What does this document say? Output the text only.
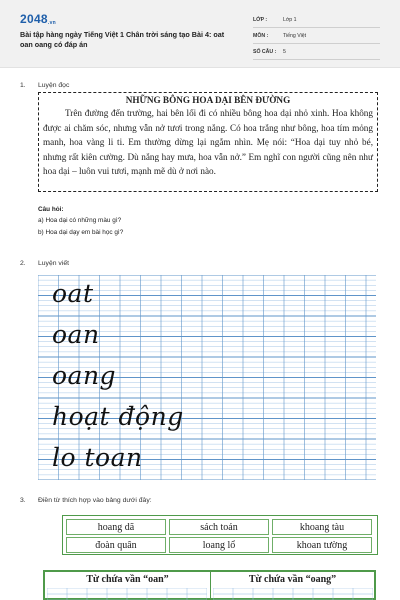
2048.vn
Bài tập hàng ngày Tiếng Việt 1 Chân trời sáng tạo Bài 4: oat oan oang có đáp án
LỚP :	Lớp 1
MÔN :	Tiếng Việt
SỐ CÂU : 5
1. Luyện đọc
NHỮNG BÔNG HOA DẠI BÊN ĐƯỜNG
Trên đường đến trường, hai bên lối đi có nhiều bông hoa dại nhỏ xinh. Hoa không được ai chăm sóc, nhưng vẫn nở tươi trong nắng. Có hoa trắng như bông, hoa tím mỏng manh, hoa vàng li ti. Em thường dừng lại ngắm nhìn. Mẹ nói: “Hoa dại tuy nhỏ bé, nhưng rất kiên cường. Dù nắng hay mưa, hoa vẫn nở.” Em nghĩ con người cũng nên như hoa dại – luôn vui tươi, mạnh mẽ dù ở nơi nào.
Câu hỏi:
a) Hoa dại có những màu gì?
b) Hoa dại dạy em bài học gì?
2. Luyện viết
oat
oan
oang
hoạt động
lo toan
3. Điền từ thích hợp vào bảng dưới đây:
hoang dã	sách toán	khoang tàu
đoàn quân	loang lổ	khoan tường
Từ chứa vần “oan”	Từ chứa vần “oang”
